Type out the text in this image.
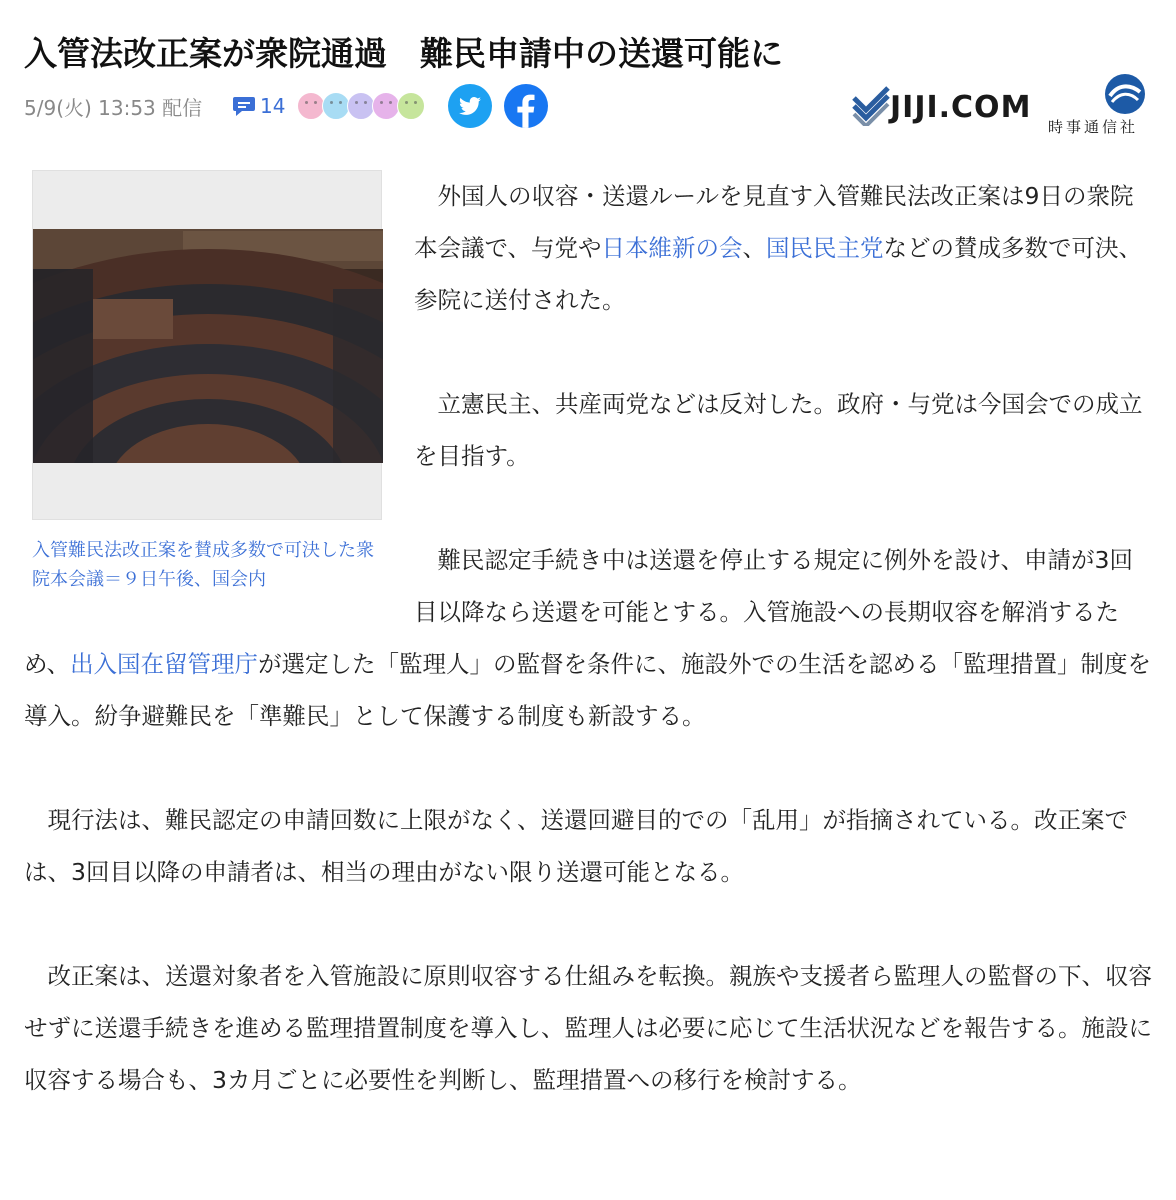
入管法改正案が衆院通過　難民申請中の送還可能に
5/9(火) 13:53 配信	14	JIJI.COM
時事通信社
入管難民法改正案を賛成多数で可決した衆院本会議＝９日午後、国会内

外国人の収容・送還ルールを見直す入管難民法改正案は9日の衆院本会議で、与党や日本維新の会、国民民主党などの賛成多数で可決、参院に送付された。

立憲民主、共産両党などは反対した。政府・与党は今国会での成立を目指す。

難民認定手続き中は送還を停止する規定に例外を設け、申請が3回目以降なら送還を可能とする。入管施設への長期収容を解消するため、出入国在留管理庁が選定した「監理人」の監督を条件に、施設外での生活を認める「監理措置」制度を導入。紛争避難民を「準難民」として保護する制度も新設する。

現行法は、難民認定の申請回数に上限がなく、送還回避目的での「乱用」が指摘されている。改正案では、3回目以降の申請者は、相当の理由がない限り送還可能となる。

改正案は、送還対象者を入管施設に原則収容する仕組みを転換。親族や支援者ら監理人の監督の下、収容せずに送還手続きを進める監理措置制度を導入し、監理人は必要に応じて生活状況などを報告する。施設に収容する場合も、3カ月ごとに必要性を判断し、監理措置への移行を検討する。
